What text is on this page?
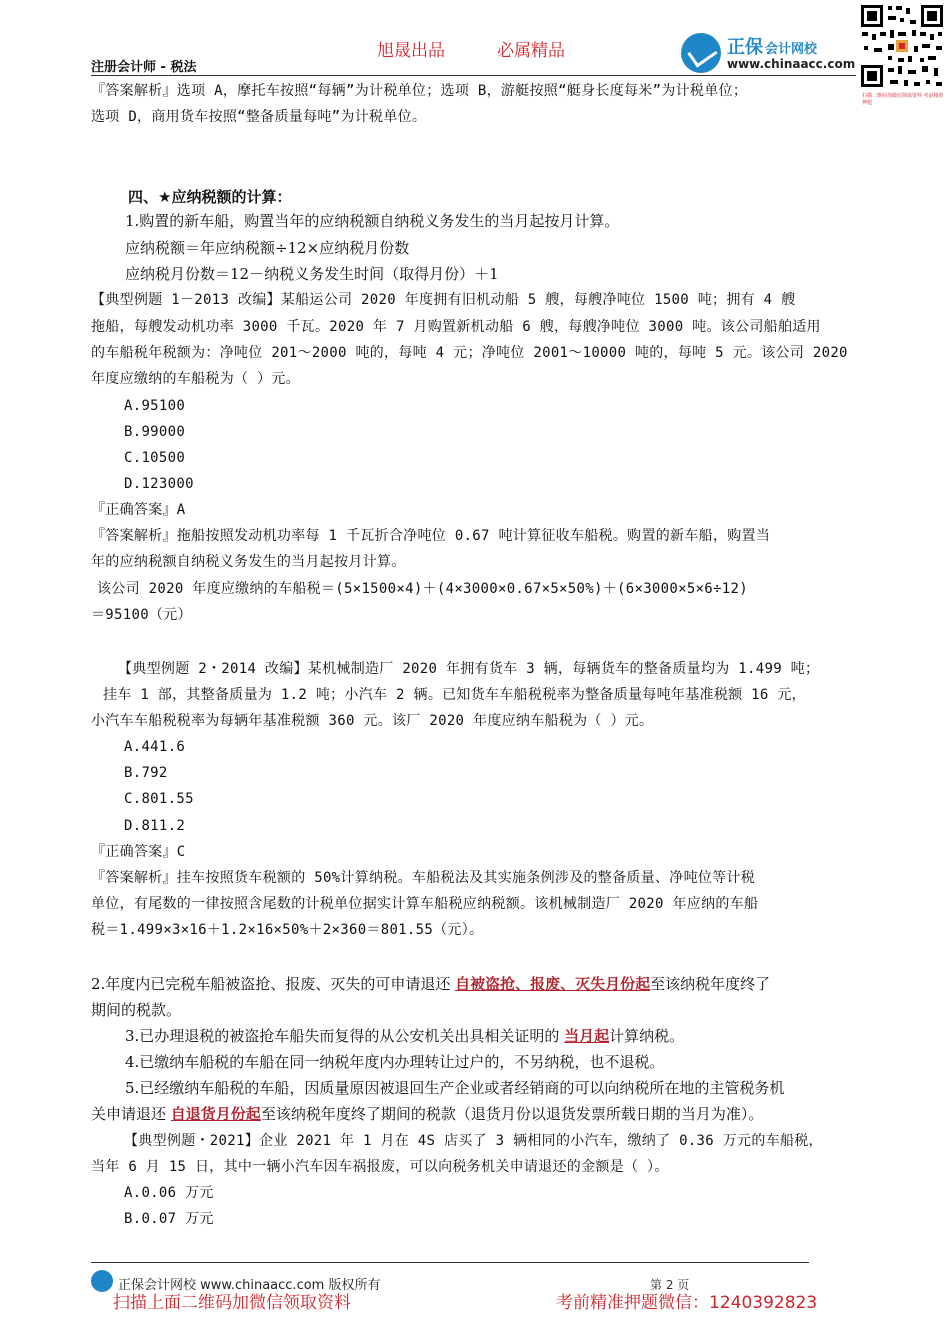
旭晟出品	必属精品
注册会计师 - 税法
正保 会计网校
www.chinaacc.com
扫描二维码加微信领取资料 考前精准押题
『答案解析』选项 A，摩托车按照“每辆”为计税单位；选项 B，游艇按照“艇身长度每米”为计税单位；
选项 D，商用货车按照“整备质量每吨”为计税单位。
四、★应纳税额的计算：
1.购置的新车船，购置当年的应纳税额自纳税义务发生的当月起按月计算。
应纳税额＝年应纳税额÷12×应纳税月份数
应纳税月份数＝12－纳税义务发生时间（取得月份）＋1
【典型例题 1－2013 改编】某船运公司 2020 年度拥有旧机动船 5 艘，每艘净吨位 1500 吨；拥有 4 艘
拖船，每艘发动机功率 3000 千瓦。2020 年 7 月购置新机动船 6 艘，每艘净吨位 3000 吨。该公司船舶适用
的车船税年税额为：净吨位 201～2000 吨的，每吨 4 元；净吨位 2001～10000 吨的，每吨 5 元。该公司 2020
年度应缴纳的车船税为（ ）元。
A.95100
B.99000
C.10500
D.123000
『正确答案』A
『答案解析』拖船按照发动机功率每 1 千瓦折合净吨位 0.67 吨计算征收车船税。购置的新车船，购置当
年的应纳税额自纳税义务发生的当月起按月计算。
该公司 2020 年度应缴纳的车船税＝(5×1500×4)＋(4×3000×0.67×5×50%)＋(6×3000×5×6÷12)
＝95100（元）
【典型例题 2・2014 改编】某机械制造厂 2020 年拥有货车 3 辆，每辆货车的整备质量均为 1.499 吨；
挂车 1 部，其整备质量为 1.2 吨；小汽车 2 辆。已知货车车船税税率为整备质量每吨年基准税额 16 元，
小汽车车船税税率为每辆年基准税额 360 元。该厂 2020 年度应纳车船税为（ ）元。
A.441.6
B.792
C.801.55
D.811.2
『正确答案』C
『答案解析』挂车按照货车税额的 50%计算纳税。车船税法及其实施条例涉及的整备质量、净吨位等计税
单位，有尾数的一律按照含尾数的计税单位据实计算车船税应纳税额。该机械制造厂 2020 年应纳的车船
税＝1.499×3×16＋1.2×16×50%＋2×360＝801.55（元）。
2.年度内已完税车船被盗抢、报废、灭失的可申请退还 自被盗抢、报废、灭失月份起至该纳税年度终了
期间的税款。
3.已办理退税的被盗抢车船失而复得的从公安机关出具相关证明的 当月起计算纳税。
4.已缴纳车船税的车船在同一纳税年度内办理转让过户的，不另纳税，也不退税。
5.已经缴纳车船税的车船，因质量原因被退回生产企业或者经销商的可以向纳税所在地的主管税务机
关申请退还 自退货月份起至该纳税年度终了期间的税款（退货月份以退货发票所载日期的当月为准）。
【典型例题・2021】企业 2021 年 1 月在 4S 店买了 3 辆相同的小汽车，缴纳了 0.36 万元的车船税，
当年 6 月 15 日，其中一辆小汽车因车祸报废，可以向税务机关申请退还的金额是（ ）。
A.0.06 万元
B.0.07 万元
正保会计网校 www.chinaacc.com 版权所有	第 2 页
扫描上面二维码加微信领取资料	考前精准押题微信：1240392823
